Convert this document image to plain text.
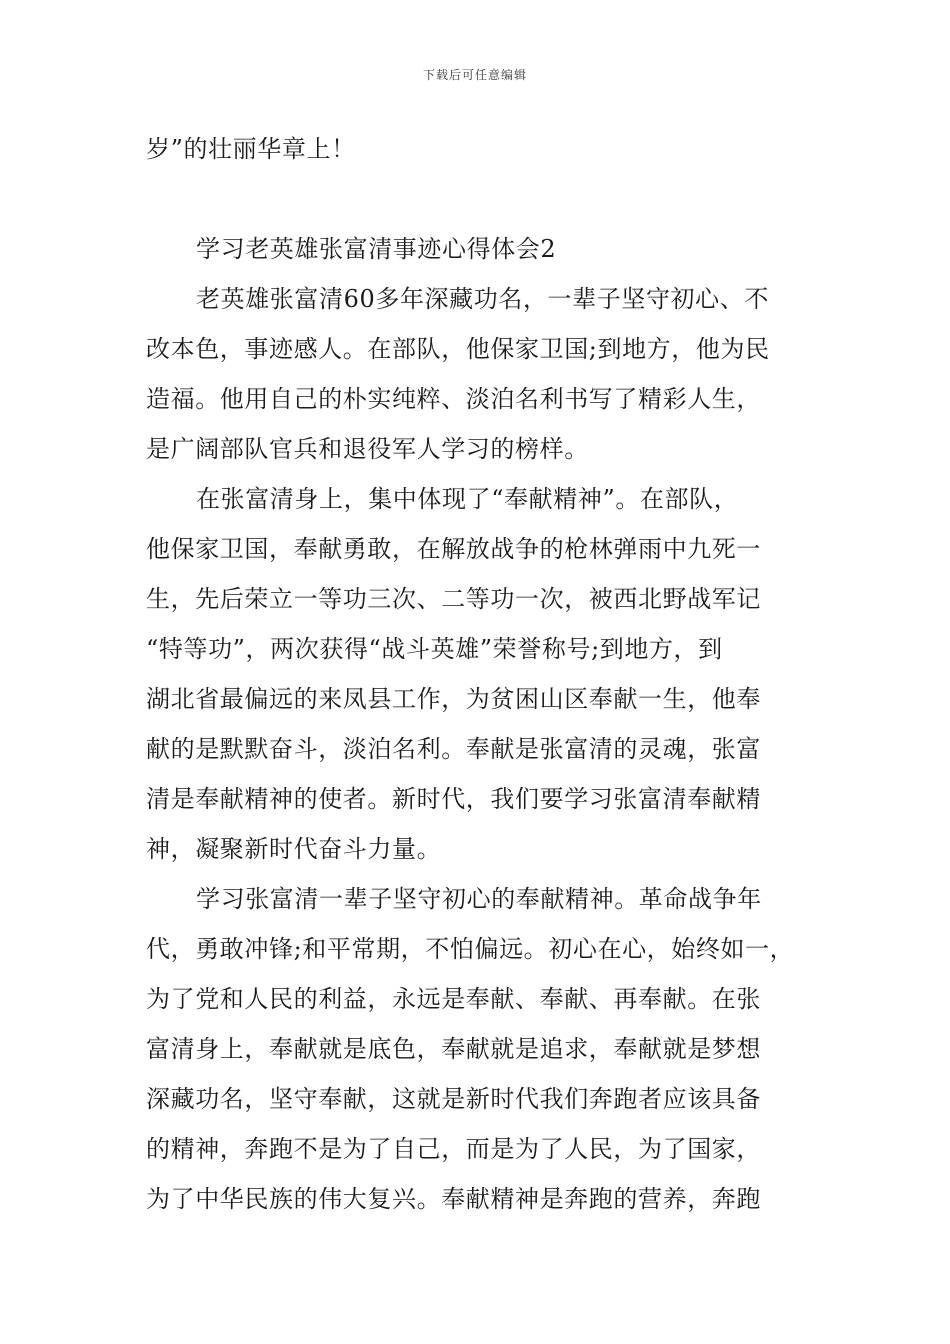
下载后可任意编辑
岁”的壮丽华章上！
学习老英雄张富清事迹心得体会2
老英雄张富清60多年深藏功名，一辈子坚守初心、不
改本色，事迹感人。在部队，他保家卫国;到地方，他为民
造福。他用自己的朴实纯粹、淡泊名利书写了精彩人生，
是广阔部队官兵和退役军人学习的榜样。
在张富清身上，集中体现了“奉献精神”。在部队，
他保家卫国，奉献勇敢，在解放战争的枪林弹雨中九死一
生，先后荣立一等功三次、二等功一次，被西北野战军记
“特等功”，两次获得“战斗英雄”荣誉称号;到地方，到
湖北省最偏远的来凤县工作，为贫困山区奉献一生，他奉
献的是默默奋斗，淡泊名利。奉献是张富清的灵魂，张富
清是奉献精神的使者。新时代，我们要学习张富清奉献精
神，凝聚新时代奋斗力量。
学习张富清一辈子坚守初心的奉献精神。革命战争年
代，勇敢冲锋;和平常期，不怕偏远。初心在心，始终如一，
为了党和人民的利益，永远是奉献、奉献、再奉献。在张
富清身上，奉献就是底色，奉献就是追求，奉献就是梦想
深藏功名，坚守奉献，这就是新时代我们奔跑者应该具备
的精神，奔跑不是为了自己，而是为了人民，为了国家，
为了中华民族的伟大复兴。奉献精神是奔跑的营养，奔跑
